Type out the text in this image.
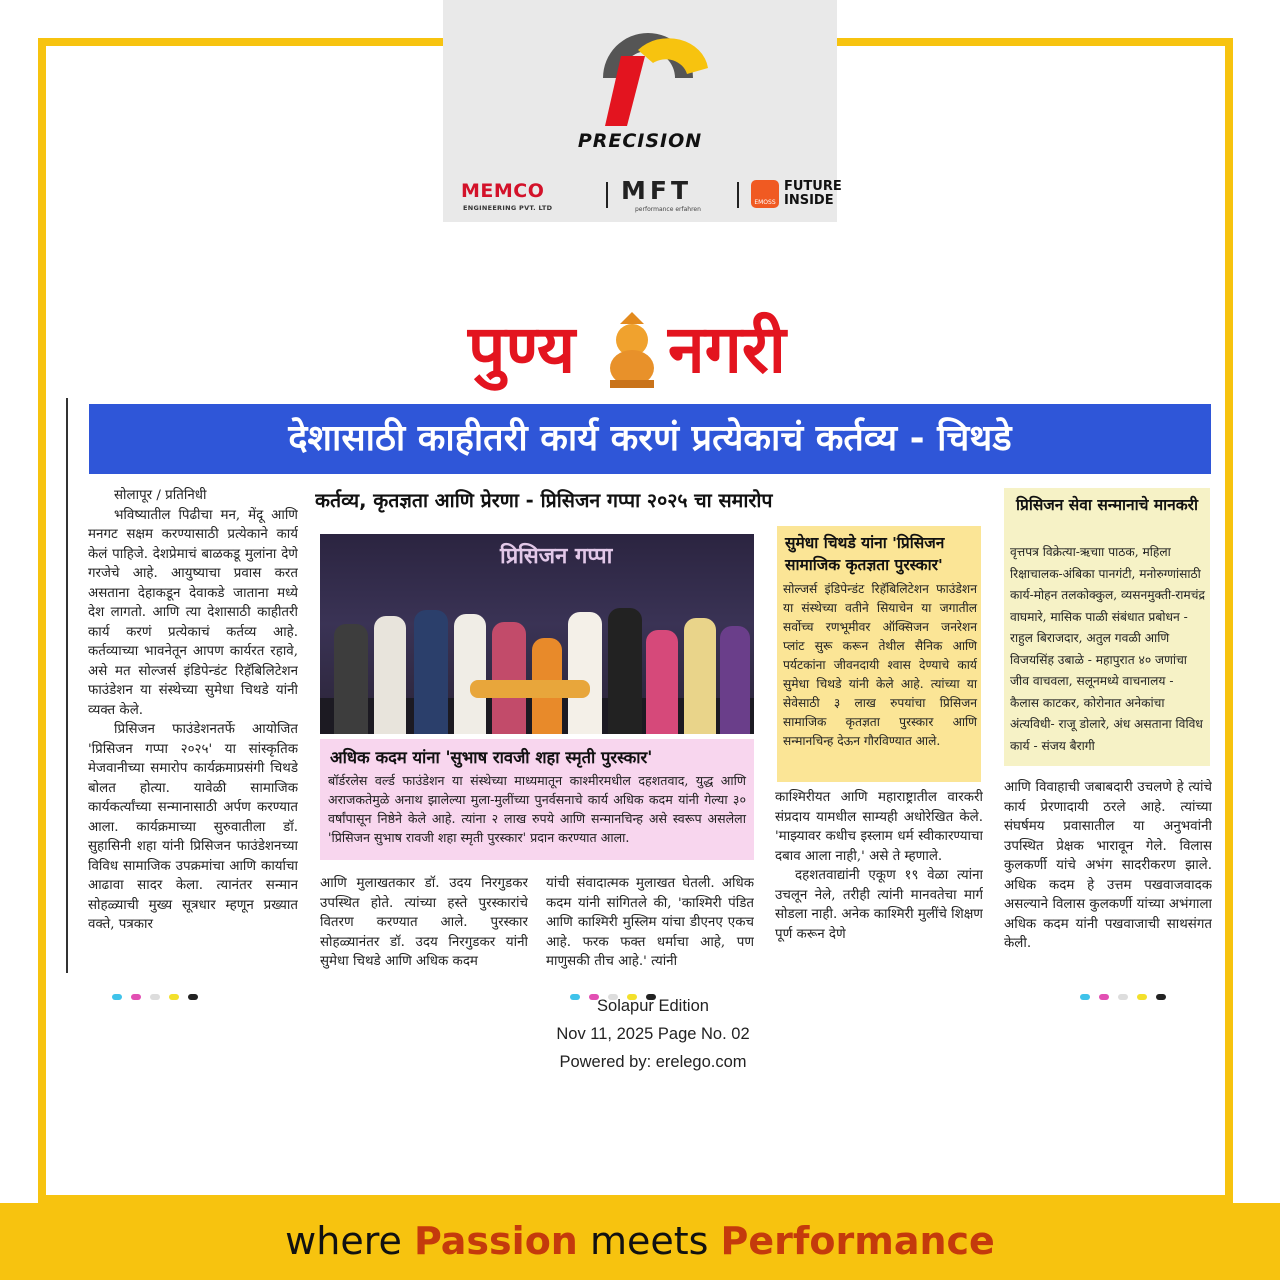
PRECISION
MEMCO
ENGINEERING PVT. LTD
MFT
performance erfahren
EMOSS
FUTURE
INSIDE
पुण्य नगरी
देशासाठी काहीतरी कार्य करणं प्रत्येकाचं कर्तव्य - चिथडे
सोलापूर / प्रतिनिधी
भविष्यातील पिढीचा मन, मेंदू आणि मनगट सक्षम करण्यासाठी प्रत्येकाने कार्य केलं पाहिजे. देशप्रेमाचं बाळकडू मुलांना देणे गरजेचे आहे. आयुष्याचा प्रवास करत असताना देहाकडून देवाकडे जाताना मध्ये देश लागतो. आणि त्या देशासाठी काहीतरी कार्य करणं प्रत्येकाचं कर्तव्य आहे. कर्तव्याच्या भावनेतून आपण कार्यरत रहावे, असे मत सोल्जर्स इंडिपेन्डंट रिहॅबिलिटेशन फाउंडेशन या संस्थेच्या सुमेधा चिथडे यांनी व्यक्त केले.
प्रिसिजन फाउंडेशनतर्फे आयोजित 'प्रिसिजन गप्पा २०२५' या सांस्कृतिक मेजवानीच्या समारोप कार्यक्रमाप्रसंगी चिथडे बोलत होत्या. यावेळी सामाजिक कार्यकर्त्यांच्या सन्मानासाठी अर्पण करण्यात आला. कार्यक्रमाच्या सुरुवातीला डॉ. सुहासिनी शहा यांनी प्रिसिजन फाउंडेशनच्या विविध सामाजिक उपक्रमांचा आणि कार्याचा आढावा सादर केला. त्यानंतर सन्मान सोहळ्याची मुख्य सूत्रधार म्हणून प्रख्यात वक्ते, पत्रकार
कर्तव्य, कृतज्ञता आणि प्रेरणा - प्रिसिजन गप्पा २०२५ चा समारोप
प्रिसिजन गप्पा
अधिक कदम यांना 'सुभाष रावजी शहा स्मृती पुरस्कार'
बॉर्डरलेस वर्ल्ड फाउंडेशन या संस्थेच्या माध्यमातून काश्मीरमधील दहशतवाद, युद्ध आणि अराजकतेमुळे अनाथ झालेल्या मुला-मुलींच्या पुनर्वसनाचे कार्य अधिक कदम यांनी गेल्या ३० वर्षांपासून निष्ठेने केले आहे. त्यांना २ लाख रुपये आणि सन्मानचिन्ह असे स्वरूप असलेला 'प्रिसिजन सुभाष रावजी शहा स्मृती पुरस्कार' प्रदान करण्यात आला.
आणि मुलाखतकार डॉ. उदय निरगुडकर उपस्थित होते. त्यांच्या हस्ते पुरस्कारांचे वितरण करण्यात आले. पुरस्कार सोहळ्यानंतर डॉ. उदय निरगुडकर यांनी सुमेधा चिथडे आणि अधिक कदम
यांची संवादात्मक मुलाखत घेतली. अधिक कदम यांनी सांगितले की, 'काश्मिरी पंडित आणि काश्मिरी मुस्लिम यांचा डीएनए एकच आहे. फरक फक्त धर्माचा आहे, पण माणुसकी तीच आहे.' त्यांनी
सुमेधा चिथडे यांना 'प्रिसिजन सामाजिक कृतज्ञता पुरस्कार'
सोल्जर्स इंडिपेन्डंट रिहॅबिलिटेशन फाउंडेशन या संस्थेच्या वतीने सियाचेन या जगातील सर्वोच्च रणभूमीवर ऑक्सिजन जनरेशन प्लांट सुरू करून तेथील सैनिक आणि पर्यटकांना जीवनदायी श्वास देण्याचे कार्य सुमेधा चिथडे यांनी केले आहे. त्यांच्या या सेवेसाठी ३ लाख रुपयांचा प्रिसिजन सामाजिक कृतज्ञता पुरस्कार आणि सन्मानचिन्ह देऊन गौरविण्यात आले.
काश्मिरीयत आणि महाराष्ट्रातील वारकरी संप्रदाय यामधील साम्यही अधोरेखित केले. 'माझ्यावर कधीच इस्लाम धर्म स्वीकारण्याचा दबाव आला नाही,' असे ते म्हणाले.
दहशतवाद्यांनी एकूण १९ वेळा त्यांना उचलून नेले, तरीही त्यांनी मानवतेचा मार्ग सोडला नाही. अनेक काश्मिरी मुलींचे शिक्षण पूर्ण करून देणे
प्रिसिजन सेवा सन्मानाचे मानकरी
वृत्तपत्र विक्रेत्या-ऋचाा पाठक, महिला रिक्षाचालक-अंबिका पानगंटी, मनोरुग्णांसाठी कार्य-मोहन तलकोक्कुल, व्यसनमुक्ती-रामचंद्र वाघमारे, मासिक पाळी संबंधात प्रबोधन - राहुल बिराजदार, अतुल गवळी आणि विजयसिंह उबाळे - महापुरात ४० जणांचा जीव वाचवला, सलूनमध्ये वाचनालय - कैलास काटकर, कोरोनात अनेकांचा अंत्यविधी- राजू डोलारे, अंध असताना विविध कार्य - संजय बैरागी
आणि विवाहाची जबाबदारी उचलणे हे त्यांचे कार्य प्रेरणादायी ठरले आहे. त्यांच्या संघर्षमय प्रवासातील या अनुभवांनी उपस्थित प्रेक्षक भारावून गेले. विलास कुलकर्णी यांचे अभंग सादरीकरण झाले. अधिक कदम हे उत्तम पखवाजवादक असल्याने विलास कुलकर्णी यांच्या अभंगाला अधिक कदम यांनी पखवाजाची साथसंगत केली.
Solapur Edition
Nov 11, 2025 Page No. 02
Powered by: erelego.com
where Passion meets Performance
